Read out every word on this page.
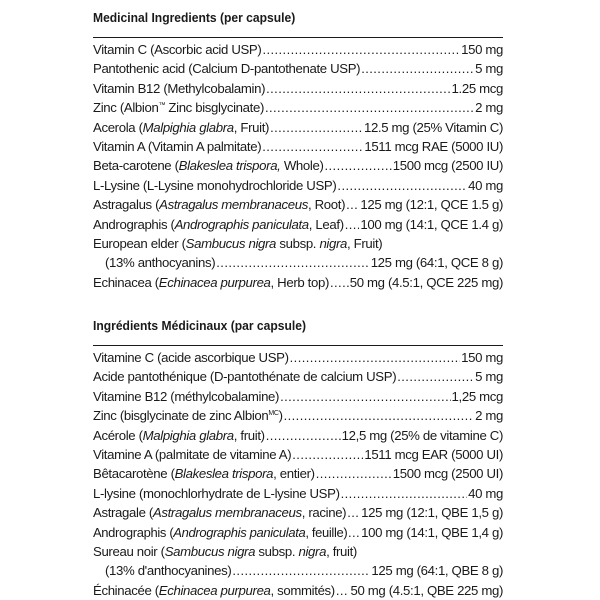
Medicinal Ingredients (per capsule)
Vitamin C (Ascorbic acid USP) . . .	150 mg
Pantothenic acid (Calcium D-pantothenate USP) . . .	5 mg
Vitamin B12 (Methylcobalamin) . . .	1.25 mcg
Zinc (Albion™ Zinc bisglycinate) . . .	2 mg
Acerola (Malpighia glabra, Fruit) . . .	12.5 mg (25% Vitamin C)
Vitamin A (Vitamin A palmitate) . . .	1511 mcg RAE (5000 IU)
Beta-carotene (Blakeslea trispora, Whole) . . .	1500 mcg (2500 IU)
L-Lysine (L-Lysine monohydrochloride USP) . . .	40 mg
Astragalus (Astragalus membranaceus, Root) . . . 125 mg (12:1, QCE 1.5 g)
Andrographis (Andrographis paniculata, Leaf) . . . 100 mg (14:1, QCE 1.4 g)
European elder (Sambucus nigra subsp. nigra, Fruit)
(13% anthocyanins) . . .	125 mg (64:1, QCE 8 g)
Echinacea (Echinacea purpurea, Herb top) . . . 50 mg (4.5:1, QCE 225 mg)
Ingrédients Médicinaux (par capsule)
Vitamine C (acide ascorbique USP) . . .	150 mg
Acide pantothénique (D-pantothénate de calcium USP) . . .	5 mg
Vitamine B12 (méthylcobalamine) . . .	1,25 mcg
Zinc (bisglycinate de zinc Albion$^{MC}$) . . .	2 mg
Acérole (Malpighia glabra, fruit) . . .	12,5 mg (25% de vitamine C)
Vitamine A (palmitate de vitamine A) . . .	1511 mcg EAR (5000 UI)
Bêtacarotène (Blakeslea trispora, entier) . . .	1500 mcg (2500 UI)
L-lysine (monochlorhydrate de L-lysine USP) . . .	40 mg
Astragale (Astragalus membranaceus, racine) . . . 125 mg (12:1, QBE 1,5 g)
Andrographis (Andrographis paniculata, feuille) . . . 100 mg (14:1, QBE 1,4 g)
Sureau noir (Sambucus nigra subsp. nigra, fruit)
(13% d'anthocyanines) . . .	125 mg (64:1, QBE 8 g)
Échinacée (Echinacea purpurea, sommités) . . . 50 mg (4.5:1, QBE 225 mg)
